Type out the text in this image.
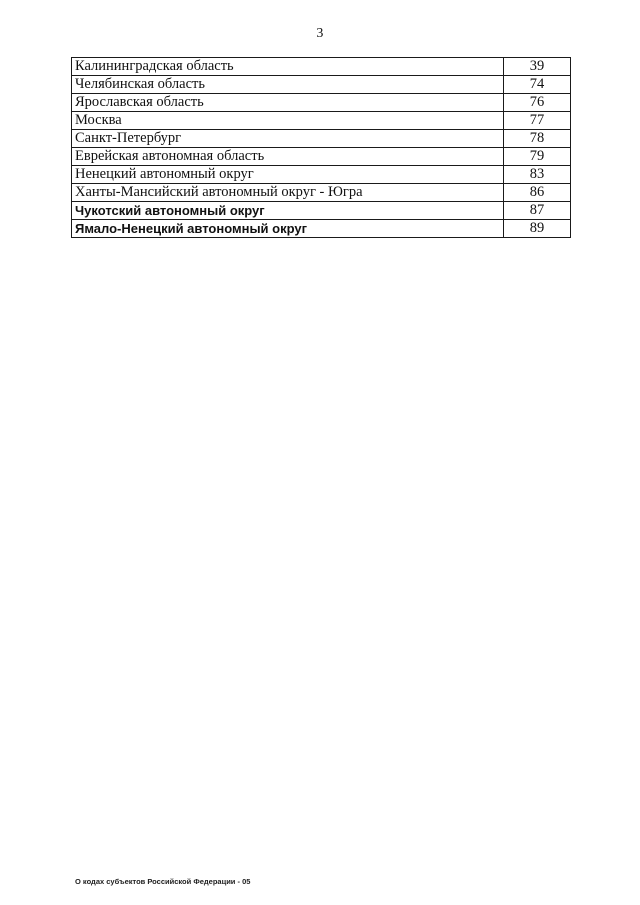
3
Калининградская область	39
Челябинская область	74
Ярославская область	76
Москва	77
Санкт-Петербург	78
Еврейская автономная область	79
Ненецкий автономный округ	83
Ханты-Мансийский автономный округ - Югра	86
Чукотский автономный округ	87
Ямало-Ненецкий автономный округ	89
О кодах субъектов Российской Федерации - 05
